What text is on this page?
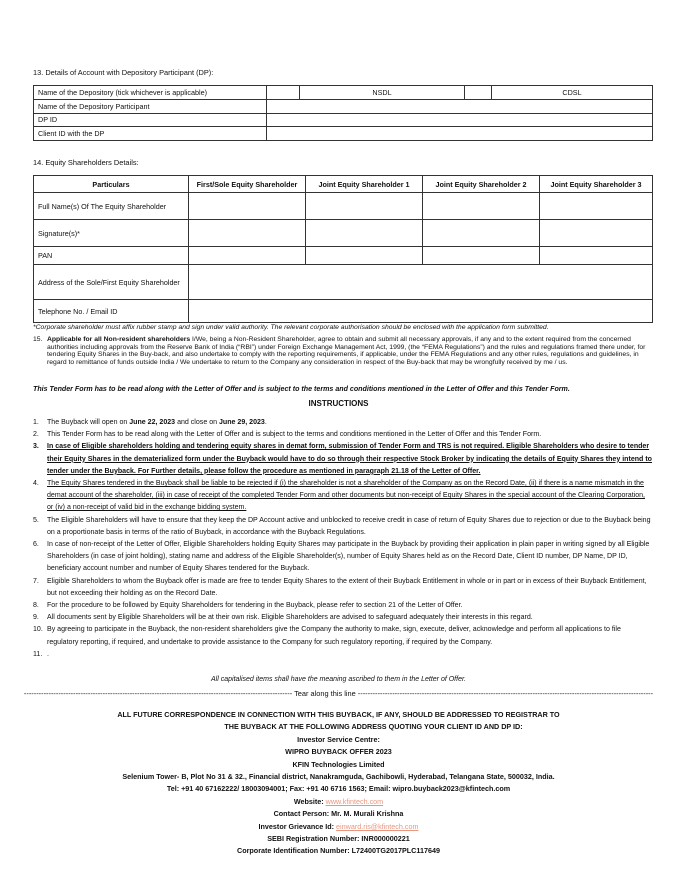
13. Details of Account with Depository Participant (DP):
Name of the Depository (tick whichever is applicable)		NSDL		CDSL
Name of the Depository Participant				
DP ID				
Client ID with the DP				
14. Equity Shareholders Details:
Particulars	First/Sole Equity Shareholder	Joint Equity Shareholder 1	Joint Equity Shareholder 2	Joint Equity Shareholder 3
Full Name(s) Of The Equity Shareholder				
Signature(s)*				
PAN				
Address of the Sole/First Equity Shareholder				
Telephone No. / Email ID				
*Corporate shareholder must affix rubber stamp and sign under valid authority. The relevant corporate authorisation should be enclosed with the application form submitted.
15. Applicable for all Non-resident shareholders I/We, being a Non-Resident Shareholder, agree to obtain and submit all necessary approvals, if any and to the extent required from the concerned authorities including approvals from the Reserve Bank of India (“RBI”) under Foreign Exchange Management Act, 1999, (the “FEMA Regulations”) and the rules and regulations framed there under, for tendering Equity Shares in the Buy-back, and also undertake to comply with the reporting requirements, if applicable, under the FEMA Regulations and any other rules, regulations and guidelines, in regard to remittance of funds outside India / We undertake to return to the Company any consideration in respect of the Buy-back that may be wrongfully received by me / us.
This Tender Form has to be read along with the Letter of Offer and is subject to the terms and conditions mentioned in the Letter of Offer and this Tender Form.
INSTRUCTIONS
1. The Buyback will open on June 22, 2023 and close on June 29, 2023.
2. This Tender Form has to be read along with the Letter of Offer and is subject to the terms and conditions mentioned in the Letter of Offer and this Tender Form.
3. In case of Eligible shareholders holding and tendering equity shares in demat form, submission of Tender Form and TRS is not required. Eligible Shareholders who desire to tender their Equity Shares in the dematerialized form under the Buyback would have to do so through their respective Stock Broker by indicating the details of Equity Shares they intend to tender under the Buyback. For Further details, please follow the procedure as mentioned in paragraph 21.18 of the Letter of Offer.
4. The Equity Shares tendered in the Buyback shall be liable to be rejected if (i) the shareholder is not a shareholder of the Company as on the Record Date, (ii) if there is a name mismatch in the demat account of the shareholder, (iii) in case of receipt of the completed Tender Form and other documents but non-receipt of Equity Shares in the special account of the Clearing Corporation, or (iv) a non-receipt of valid bid in the exchange bidding system.
5. The Eligible Shareholders will have to ensure that they keep the DP Account active and unblocked to receive credit in case of return of Equity Shares due to rejection or due to the Buyback being on a proportionate basis in terms of the ratio of Buyback, in accordance with the Buyback Regulations.
6. In case of non-receipt of the Letter of Offer, Eligible Shareholders holding Equity Shares may participate in the Buyback by providing their application in plain paper in writing signed by all Eligible Shareholders (in case of joint holding), stating name and address of the Eligible Shareholder(s), number of Equity Shares held as on the Record Date, Client ID number, DP Name, DP ID, beneficiary account number and number of Equity Shares tendered for the Buyback.
7. Eligible Shareholders to whom the Buyback offer is made are free to tender Equity Shares to the extent of their Buyback Entitlement in whole or in part or in excess of their Buyback Entitlement, but not exceeding their holding as on the Record Date.
8. For the procedure to be followed by Equity Shareholders for tendering in the Buyback, please refer to section 21 of the Letter of Offer.
9. All documents sent by Eligible Shareholders will be at their own risk. Eligible Shareholders are advised to safeguard adequately their interests in this regard.
10. By agreeing to participate in the Buyback, the non-resident shareholders give the Company the authority to make, sign, execute, deliver, acknowledge and perform all applications to file regulatory reporting, if required, and undertake to provide assistance to the Company for such regulatory reporting, if required by the Company.
11. .
All capitalised items shall have the meaning ascribed to them in the Letter of Offer.
------------------------------------------------------------------------------------------------------------- Tear along this line ------------------------------------------------------------------------------------------------------------------------
ALL FUTURE CORRESPONDENCE IN CONNECTION WITH THIS BUYBACK, IF ANY, SHOULD BE ADDRESSED TO REGISTRAR TO
THE BUYBACK AT THE FOLLOWING ADDRESS QUOTING YOUR CLIENT ID AND DP ID:
Investor Service Centre:
WIPRO BUYBACK OFFER 2023
KFIN Technologies Limited
Selenium Tower- B, Plot No 31 & 32., Financial district, Nanakramguda, Gachibowli, Hyderabad, Telangana State, 500032, India.
Tel: +91 40 67162222/ 18003094001; Fax: +91 40 6716 1563; Email: wipro.buyback2023@kfintech.com
Website: www.kfintech.com
Contact Person: Mr. M. Murali Krishna
Investor Grievance Id: einward.ris@kfintech.com
SEBI Registration Number: INR000000221
Corporate Identification Number: L72400TG2017PLC117649
